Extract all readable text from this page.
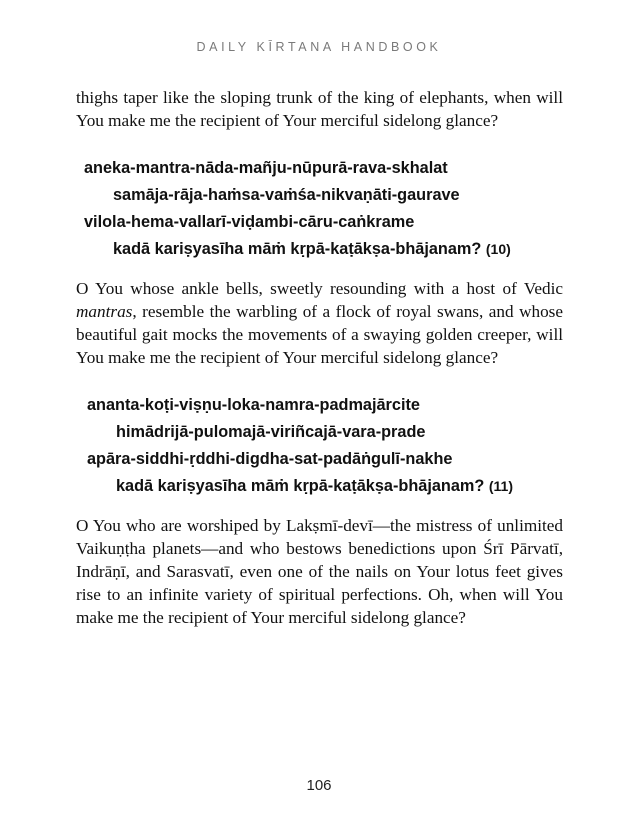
DAILY KĪRTANA HANDBOOK

thighs taper like the sloping trunk of the king of elephants, when will You make me the recipient of Your merciful sidelong glance?

aneka-mantra-nāda-mañju-nūpurā-rava-skhalat
samāja-rāja-haṁsa-vaṁśa-nikvaṇāti-gaurave
vilola-hema-vallarī-viḍambi-cāru-caṅkrame
kadā kariṣyasīha māṁ kṛpā-kaṭākṣa-bhājanam? (10)

O You whose ankle bells, sweetly resounding with a host of Vedic mantras, resemble the warbling of a flock of royal swans, and whose beautiful gait mocks the movements of a swaying golden creeper, will You make me the recipient of Your merciful sidelong glance?

ananta-koṭi-viṣṇu-loka-namra-padmajārcite
himādrijā-pulomajā-viriñcajā-vara-prade
apāra-siddhi-ṛddhi-digdha-sat-padāṅgulī-nakhe
kadā kariṣyasīha māṁ kṛpā-kaṭākṣa-bhājanam? (11)

O You who are worshiped by Lakṣmī-devī—the mistress of unlimited Vaikuṇṭha planets—and who bestows benedictions upon Śrī Pārvatī, Indrāṇī, and Sarasvatī, even one of the nails on Your lotus feet gives rise to an infinite variety of spiritual perfections. Oh, when will You make me the recipient of Your merciful sidelong glance?

106
